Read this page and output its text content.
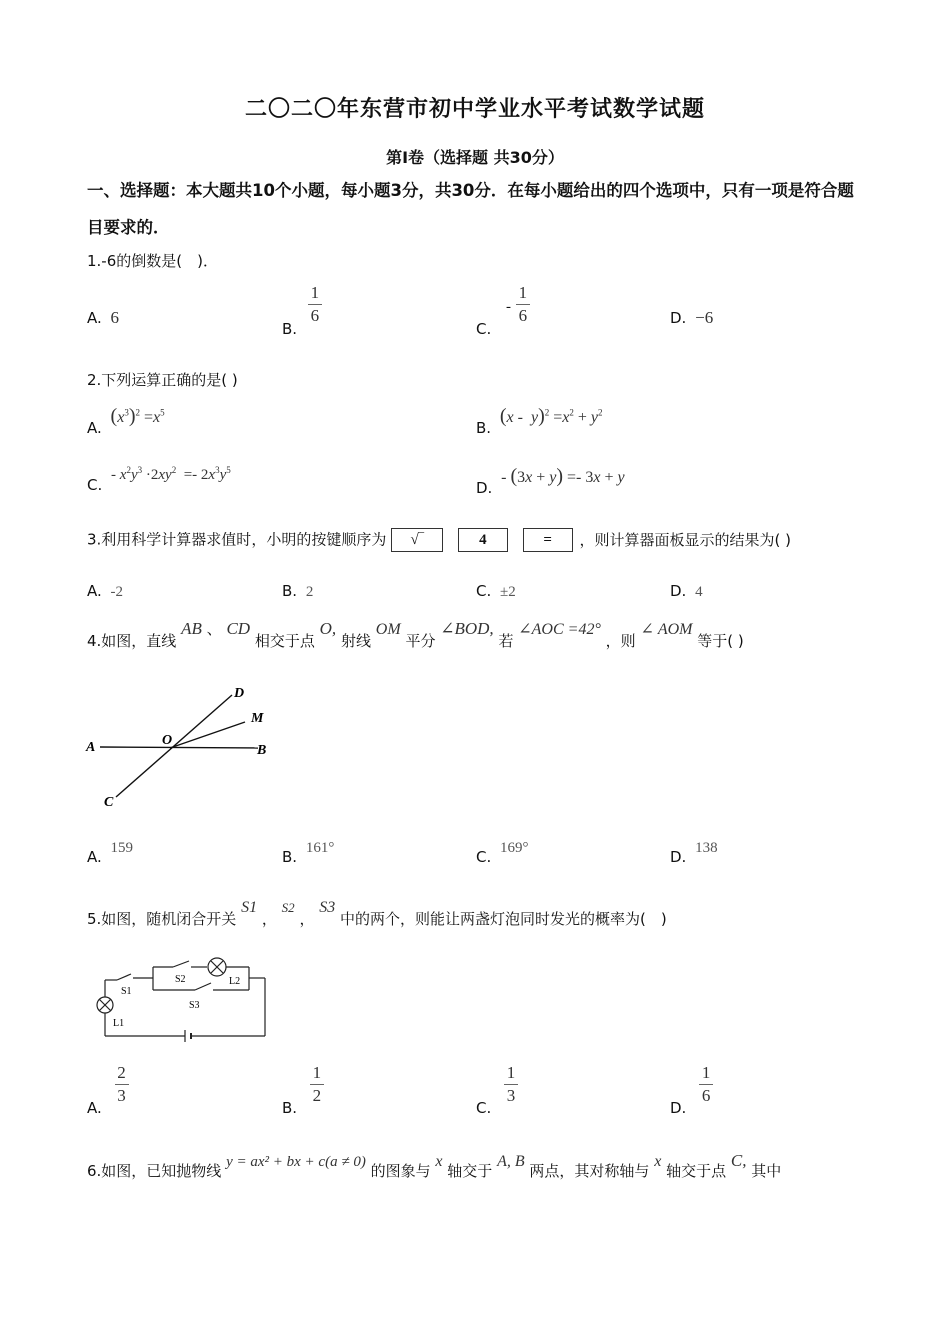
二〇二〇年东营市初中学业水平考试数学试题
第Ⅰ卷（选择题 共30分）
一、选择题：本大题共10个小题，每小题3分，共30分．在每小题给出的四个选项中，只有一项是符合题目要求的．
1.-6的倒数是(　)．
A. 6
B.
$\frac{1}{6}$
C. - $\frac{1}{6}$	D. −6
2.下列运算正确的是( )
A. $(x^3)^2 =x^5$
B. $(x - y)^2 =x^2 + y^2$
C. - $x^2y^3 \cdot 2xy^2 =- 2x^3y^5$
D. - (3x + y) =- 3x + y
3.利用科学计算器求值时，小明的按键顺序为 √‾	4	= ，则计算器面板显示的结果为( )
A. -2	B. 2	C. ±2	D. 4
4.如图，直线 AB 、 CD 相交于点 O, 射线 OM 平分 ∠BOD, 若 ∠AOC =42° ，则 ∠ AOM 等于( )
D
M
A	O
B
C
A. 159	B. 161°	C. 169°	D. 138
5.如图，随机闭合开关 S1 ， S2 ， S3 中的两个，则能让两盏灯泡同时发光的概率为(　)
S1
S2
S3
L1
L2
A.
$\frac{2}{3}$
B.
$\frac{1}{2}$
C.
$\frac{1}{3}$
D.
$\frac{1}{6}$
6.如图，已知抛物线 y = ax² + bx + c(a ≠ 0) 的图象与 x 轴交于 A, B 两点，其对称轴与 x 轴交于点 C, 其中
